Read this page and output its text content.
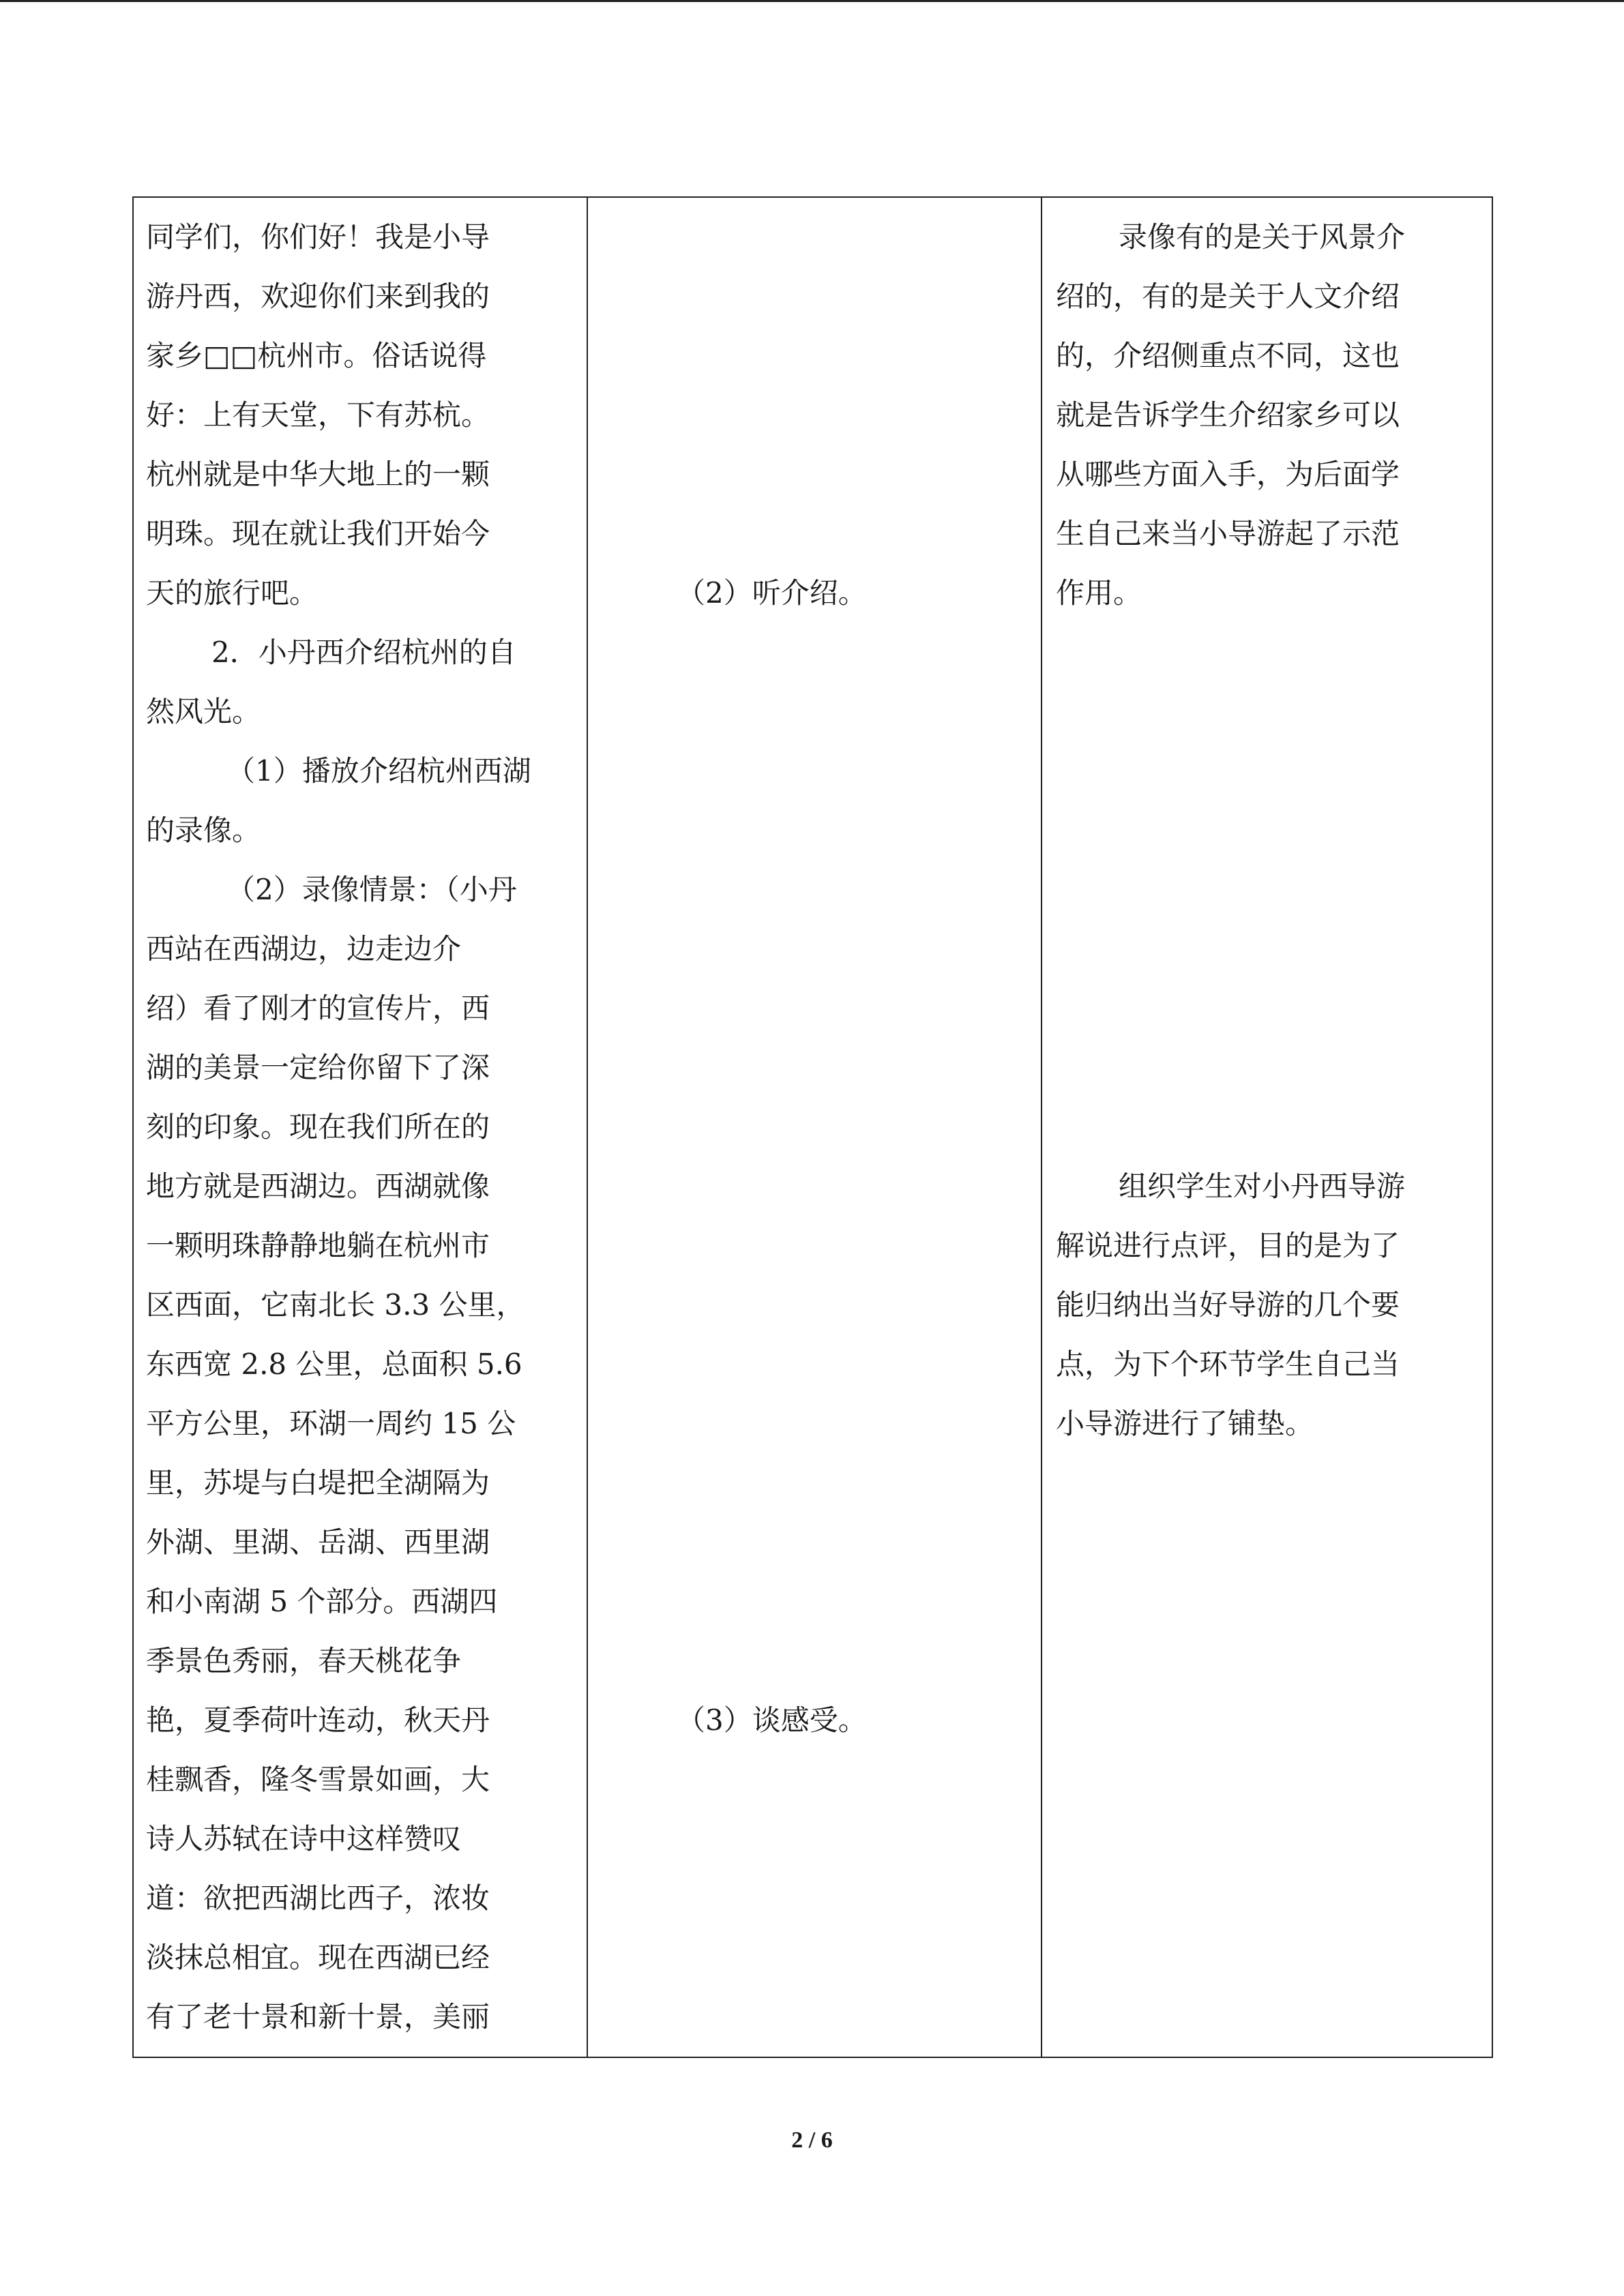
2 / 6
同学们，你们好！我是小导
游丹西，欢迎你们来到我的
家乡□□杭州市。俗话说得
好：上有天堂，下有苏杭。
杭州就是中华大地上的一颗
明珠。现在就让我们开始今
天的旅行吧。
2．小丹西介绍杭州的自
然风光。
（1）播放介绍杭州西湖
的录像。
（2）录像情景：（小丹
西站在西湖边，边走边介
绍）看了刚才的宣传片，西
湖的美景一定给你留下了深
刻的印象。现在我们所在的
地方就是西湖边。西湖就像
一颗明珠静静地躺在杭州市
区西面，它南北长 3.3 公里，
东西宽 2.8 公里，总面积 5.6
平方公里，环湖一周约 15 公
里，苏堤与白堤把全湖隔为
外湖、里湖、岳湖、西里湖
和小南湖 5 个部分。西湖四
季景色秀丽，春天桃花争
艳，夏季荷叶连动，秋天丹
桂飘香，隆冬雪景如画，大
诗人苏轼在诗中这样赞叹
道：欲把西湖比西子，浓妆
淡抹总相宜。现在西湖已经
有了老十景和新十景，美丽
（2）听介绍。
（3）谈感受。
录像有的是关于风景介
绍的，有的是关于人文介绍
的，介绍侧重点不同，这也
就是告诉学生介绍家乡可以
从哪些方面入手，为后面学
生自己来当小导游起了示范
作用。
组织学生对小丹西导游
解说进行点评，目的是为了
能归纳出当好导游的几个要
点，为下个环节学生自己当
小导游进行了铺垫。
